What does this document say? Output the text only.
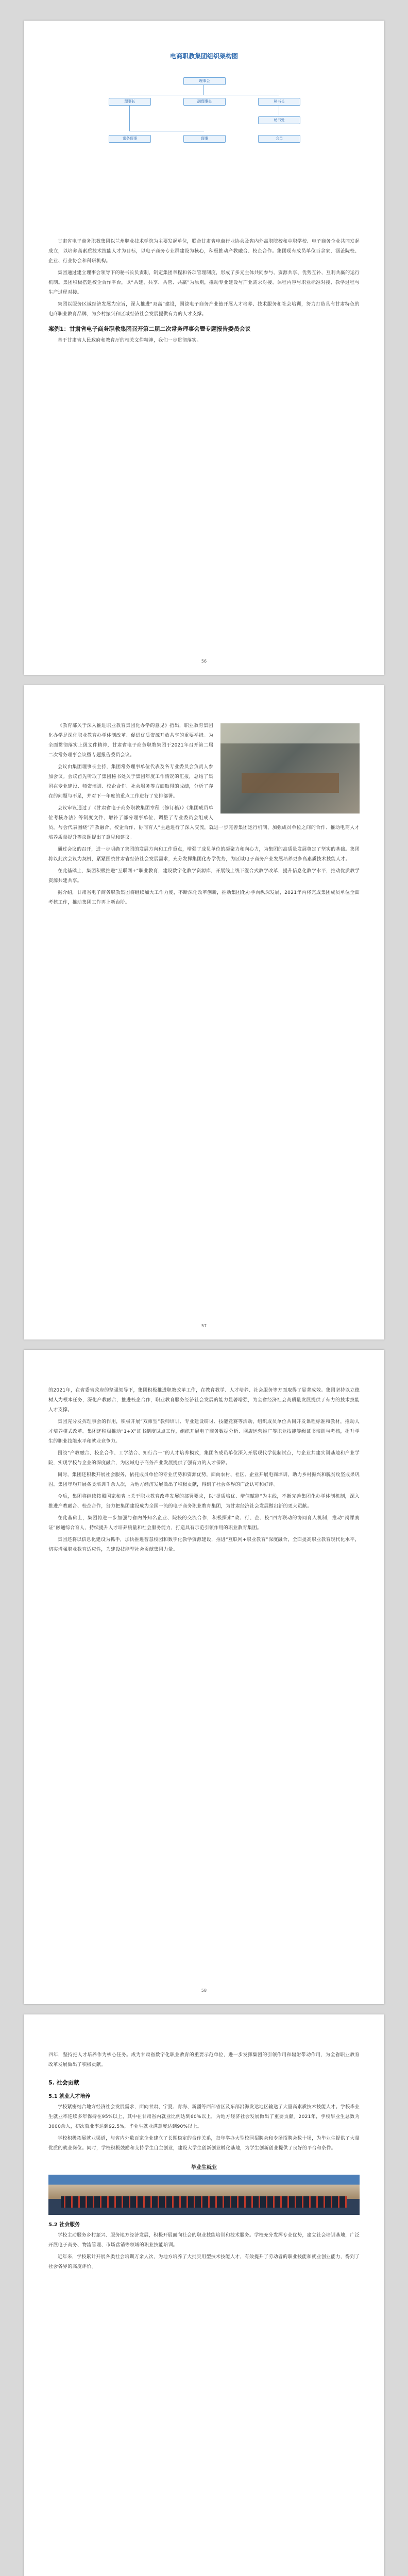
电商职教集团组织架构图
理事会
理事长	副理事长	秘书长
秘书处
常务理事	理事	会员

甘肃省电子商务职教集团以兰州职业技术学院为主要发起单位，联合甘肃省电商行业协会及省内外高职院校和中职学校、电子商务企业共同发起成立，以培养高素质技术技能人才为目标，以电子商务专业群建设为核心，积极推动产教融合、校企合作。集团现有成员单位百余家，涵盖院校、企业、行业协会和科研机构。

集团通过建立理事会领导下的秘书长负责制，制定集团章程和各项管理制度，形成了多元主体共同参与、资源共享、优势互补、互利共赢的运行机制。集团积极搭建校企合作平台，以“共建、共享、共管、共赢”为原则，推动专业建设与产业需求对接、课程内容与职业标准对接、教学过程与生产过程对接。

集团以服务区域经济发展为宗旨，深入推进“双高”建设，围绕电子商务产业链开展人才培养、技术服务和社会培训，努力打造具有甘肃特色的电商职业教育品牌，为乡村振兴和区域经济社会发展提供有力的人才支撑。

案例1：甘肃省电子商务职教集团召开第二届二次常务理事会暨专题报告委员会议

基于甘肃省人民政府和教育厅的相关文件精神，我们一步贯彻落实。

56

《教育部关于深入推进职业教育集团化办学的意见》指出，职业教育集团化办学是深化职业教育办学体制改革、促进优质资源开放共享的重要举措。为全面贯彻落实上级文件精神，甘肃省电子商务职教集团于2021年召开第二届二次常务理事会议暨专题报告委员会议。

会议由集团理事长主持，集团常务理事单位代表及各专业委员会负责人参加会议。会议首先听取了集团秘书处关于集团年度工作情况的汇报，总结了集团在专业建设、师资培训、校企合作、社会服务等方面取得的成绩，分析了存在的问题与不足，并对下一年度的重点工作进行了安排部署。

会议审议通过了《甘肃省电子商务职教集团章程（修订稿）》《集团成员单位考核办法》等制度文件，增补了部分理事单位，调整了专业委员会组成人员。与会代表围绕“产教融合、校企合作、协同育人”主题进行了深入交流，就进一步完善集团运行机制、加强成员单位之间的合作、推动电商人才培养质量提升等议题提出了意见和建议。

通过会议的召开，进一步明确了集团的发展方向和工作重点，增强了成员单位的凝聚力和向心力，为集团的高质量发展奠定了坚实的基础。集团将以此次会议为契机，紧紧围绕甘肃省经济社会发展需求，充分发挥集团化办学优势，为区域电子商务产业发展培养更多高素质技术技能人才。

在此基础上，集团积极推进“互联网+”职业教育，建设数字化教学资源库，开展线上线下混合式教学改革，提升信息化教学水平，推动优质教学资源共建共享。

据介绍，甘肃省电子商务职教集团将继续加大工作力度，不断深化改革创新，推动集团化办学向纵深发展，2021年内将完成集团成员单位全面考核工作，推动集团工作再上新台阶。

57

的2021年，在省委省政府的坚强领导下，集团积极推进职教改革工作，在教育教学、人才培养、社会服务等方面取得了显著成效。集团坚持以立德树人为根本任务，深化产教融合，推进校企合作，职业教育服务经济社会发展的能力显著增强，为全省经济社会高质量发展提供了有力的技术技能人才支撑。

集团充分发挥理事会的作用，积极开展“双师型”教师培训、专业建设研讨、技能竞赛等活动，组织成员单位共同开发课程标准和教材，推动人才培养模式改革。集团还积极推动“1+X”证书制度试点工作，组织开展电子商务数据分析、网店运营推广等职业技能等级证书培训与考核，提升学生的职业技能水平和就业竞争力。

围绕“产教融合、校企合作、工学结合、知行合一”的人才培养模式，集团各成员单位深入开展现代学徒制试点，与企业共建实训基地和产业学院，实现学校与企业的深度融合，为区域电子商务产业发展提供了强有力的人才保障。

同时，集团还积极开展社会服务，依托成员单位的专业优势和资源优势，面向农村、社区、企业开展电商培训，助力乡村振兴和脱贫攻坚成果巩固。集团年均开展各类培训千余人次，为地方经济发展做出了积极贡献，得到了社会各界的广泛认可和好评。

今后，集团将继续按照国家和省上关于职业教育改革发展的部署要求，以“提质培优、增值赋能”为主线，不断完善集团化办学体制机制，深入推进产教融合、校企合作，努力把集团建设成为全国一流的电子商务职业教育集团，为甘肃经济社会发展做出新的更大贡献。

在此基础上，集团将进一步加强与省内外知名企业、院校的交流合作，积极探索“政、行、企、校”四方联动的协同育人机制，推动“岗课赛证”融通综合育人，持续提升人才培养质量和社会服务能力，打造具有示范引领作用的职业教育集团。

集团还将以信息化建设为抓手，加快推进智慧校园和数字化教学资源建设，推进“互联网+职业教育”深度融合，全面提高职业教育现代化水平，切实增强职业教育适应性，为建设技能型社会贡献集团力量。

58

四年，坚持把人才培养作为核心任务。成为甘肃省数字化职业教育的重要示范单位，进一步发挥集团的引领作用和辐射带动作用，为全省职业教育改革发展做出了积极贡献。

5. 社会贡献
5.1 就业人才培养

学校紧密结合地方经济社会发展需求，面向甘肃、宁夏、青海、新疆等西部省区及东部沿海发达地区输送了大量高素质技术技能人才。学校毕业生就业率连续多年保持在95%以上，其中在甘肃省内就业比例达到60%以上，为地方经济社会发展做出了重要贡献。2021年，学校毕业生总数为3000余人，初次就业率达到92.5%，毕业生就业满意度达到90%以上。

学校积极拓展就业渠道，与省内外数百家企业建立了长期稳定的合作关系，每年举办大型校园招聘会和专场招聘会数十场，为毕业生提供了大量优质的就业岗位。同时，学校积极鼓励和支持学生自主创业，建设大学生创新创业孵化基地，为学生创新创业提供了良好的平台和条件。

毕业生就业
5.2 社会服务

学校主动服务乡村振兴、服务地方经济发展，积极开展面向社会的职业技能培训和技术服务。学校充分发挥专业优势，建立社会培训基地，广泛开展电子商务、物流管理、市场营销等领域的职业技能培训。

近年来，学校累计开展各类社会培训万余人次，为地方培养了大批实用型技术技能人才，有效提升了劳动者的职业技能和就业创业能力，得到了社会各界的高度评价。
